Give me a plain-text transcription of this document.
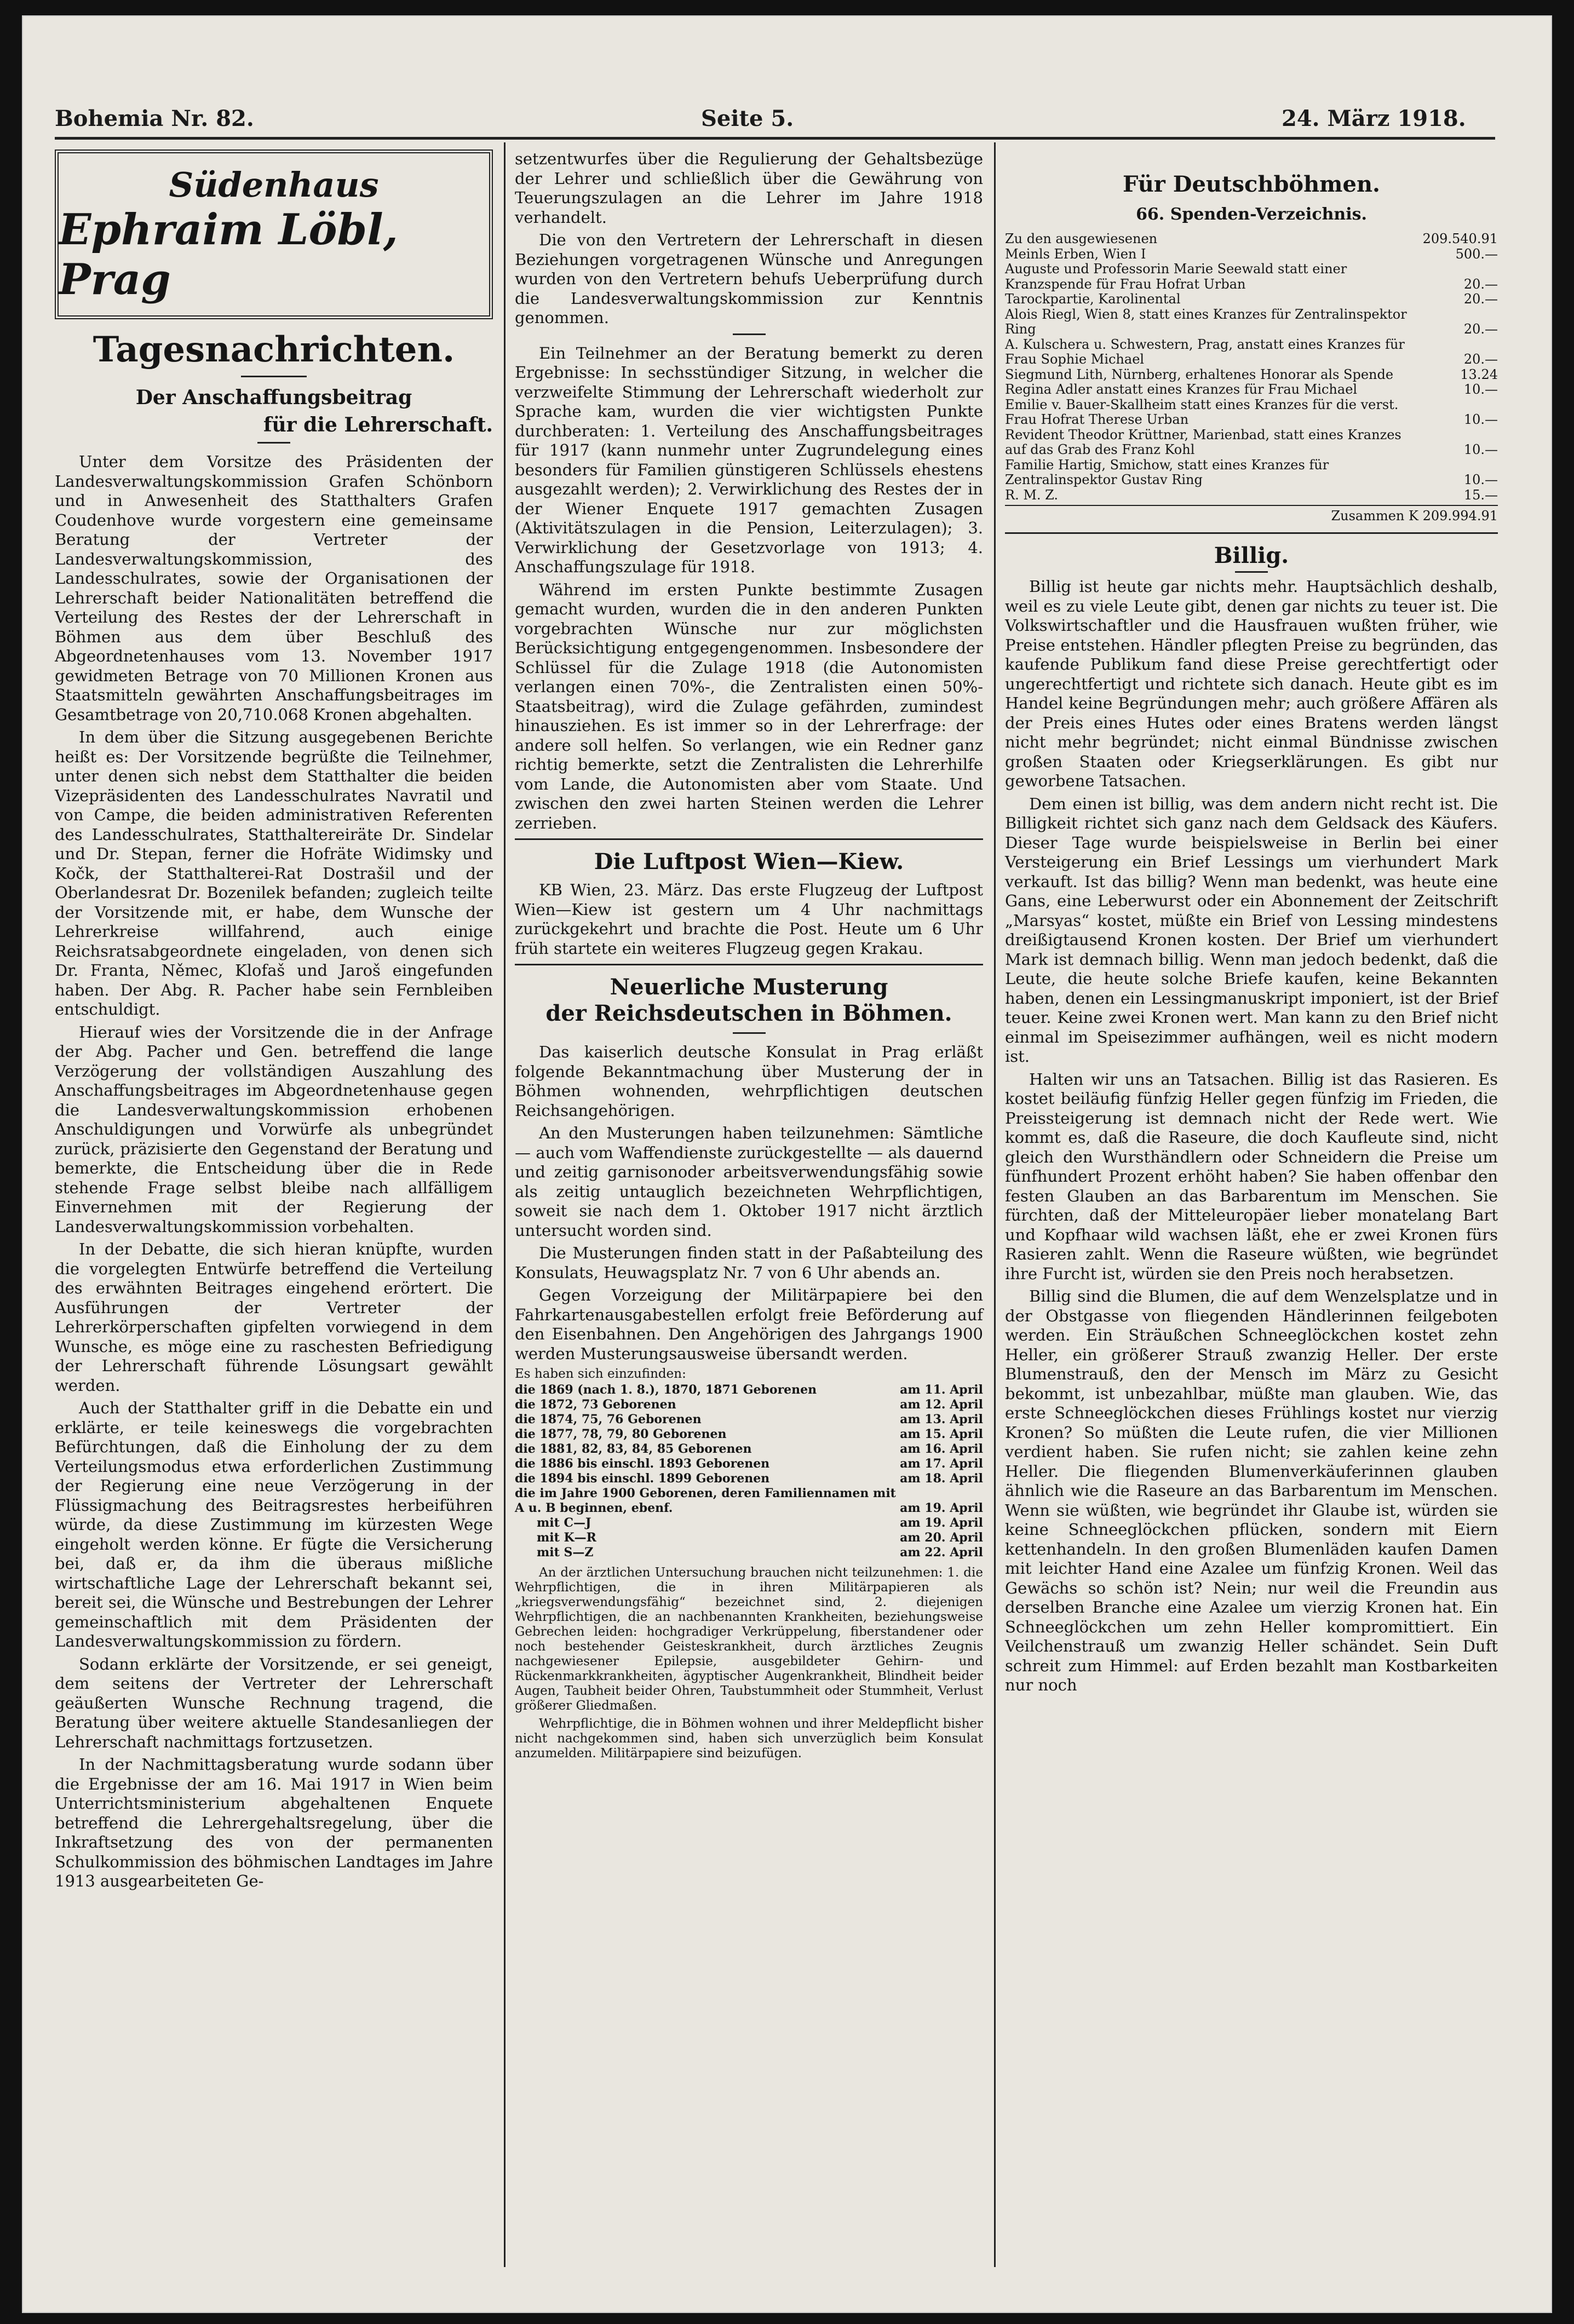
Bohemia Nr. 82.	Seite 5.	24. März 1918.
Südenhaus
Ephraim Löbl, Prag
Tagesnachrichten.
Der Anschaffungsbeitrag
für die Lehrerschaft.

Unter dem Vorsitze des Präsidenten der Landesverwaltungskommission Grafen Schönborn und in Anwesenheit des Statthalters Grafen Coudenhove wurde vorgestern eine gemeinsame Beratung der Vertreter der Landesverwaltungskommission, des Landesschulrates, sowie der Organisationen der Lehrerschaft beider Nationalitäten betreffend die Verteilung des Restes der der Lehrerschaft in Böhmen aus dem über Beschluß des Abgeordnetenhauses vom 13. November 1917 gewidmeten Betrage von 70 Millionen Kronen aus Staatsmitteln gewährten Anschaffungsbeitrages im Gesamtbetrage von 20,710.068 Kronen abgehalten.

In dem über die Sitzung ausgegebenen Berichte heißt es: Der Vorsitzende begrüßte die Teilnehmer, unter denen sich nebst dem Statthalter die beiden Vizepräsidenten des Landesschulrates Navratil und von Campe, die beiden administrativen Referenten des Landesschulrates, Statthaltereiräte Dr. Sindelar und Dr. Stepan, ferner die Hofräte Widimsky und Kočk, der Statthalterei-Rat Dostrašil und der Oberlandesrat Dr. Bozenilek befanden; zugleich teilte der Vorsitzende mit, er habe, dem Wunsche der Lehrerkreise willfahrend, auch einige Reichsratsabgeordnete eingeladen, von denen sich Dr. Franta, Němec, Klofaš und Jaroš eingefunden haben. Der Abg. R. Pacher habe sein Fernbleiben entschuldigt.

Hierauf wies der Vorsitzende die in der Anfrage der Abg. Pacher und Gen. betreffend die lange Verzögerung der vollständigen Auszahlung des Anschaffungsbeitrages im Abgeordnetenhause gegen die Landesverwaltungskommission erhobenen Anschuldigungen und Vorwürfe als unbegründet zurück, präzisierte den Gegenstand der Beratung und bemerkte, die Entscheidung über die in Rede stehende Frage selbst bleibe nach allfälligem Einvernehmen mit der Regierung der Landesverwaltungskommission vorbehalten.

In der Debatte, die sich hieran knüpfte, wurden die vorgelegten Entwürfe betreffend die Verteilung des erwähnten Beitrages eingehend erörtert. Die Ausführungen der Vertreter der Lehrerkörperschaften gipfelten vorwiegend in dem Wunsche, es möge eine zu raschesten Befriedigung der Lehrerschaft führende Lösungsart gewählt werden.

Auch der Statthalter griff in die Debatte ein und erklärte, er teile keineswegs die vorgebrachten Befürchtungen, daß die Einholung der zu dem Verteilungsmodus etwa erforderlichen Zustimmung der Regierung eine neue Verzögerung in der Flüssigmachung des Beitragsrestes herbeiführen würde, da diese Zustimmung im kürzesten Wege eingeholt werden könne. Er fügte die Versicherung bei, daß er, da ihm die überaus mißliche wirtschaftliche Lage der Lehrerschaft bekannt sei, bereit sei, die Wünsche und Bestrebungen der Lehrer gemeinschaftlich mit dem Präsidenten der Landesverwaltungskommission zu fördern.

Sodann erklärte der Vorsitzende, er sei geneigt, dem seitens der Vertreter der Lehrerschaft geäußerten Wunsche Rechnung tragend, die Beratung über weitere aktuelle Standesanliegen der Lehrerschaft nachmittags fortzusetzen.

In der Nachmittagsberatung wurde sodann über die Ergebnisse der am 16. Mai 1917 in Wien beim Unterrichtsministerium abgehaltenen Enquete betreffend die Lehrergehaltsregelung, über die Inkraftsetzung des von der permanenten Schulkommission des böhmischen Landtages im Jahre 1913 ausgearbeiteten Ge-

setzentwurfes über die Regulierung der Gehaltsbezüge der Lehrer und schließlich über die Gewährung von Teuerungszulagen an die Lehrer im Jahre 1918 verhandelt.

Die von den Vertretern der Lehrerschaft in diesen Beziehungen vorgetragenen Wünsche und Anregungen wurden von den Vertretern behufs Ueberprüfung durch die Landesverwaltungskommission zur Kenntnis genommen.

Ein Teilnehmer an der Beratung bemerkt zu deren Ergebnisse: In sechsstündiger Sitzung, in welcher die verzweifelte Stimmung der Lehrerschaft wiederholt zur Sprache kam, wurden die vier wichtigsten Punkte durchberaten: 1. Verteilung des Anschaffungsbeitrages für 1917 (kann nunmehr unter Zugrundelegung eines besonders für Familien günstigeren Schlüssels ehestens ausgezahlt werden); 2. Verwirklichung des Restes der in der Wiener Enquete 1917 gemachten Zusagen (Aktivitätszulagen in die Pension, Leiterzulagen); 3. Verwirklichung der Gesetzvorlage von 1913; 4. Anschaffungszulage für 1918.

Während im ersten Punkte bestimmte Zusagen gemacht wurden, wurden die in den anderen Punkten vorgebrachten Wünsche nur zur möglichsten Berücksichtigung entgegengenommen. Insbesondere der Schlüssel für die Zulage 1918 (die Autonomisten verlangen einen 70%-, die Zentralisten einen 50%-Staatsbeitrag), wird die Zulage gefährden, zumindest hinausziehen. Es ist immer so in der Lehrerfrage: der andere soll helfen. So verlangen, wie ein Redner ganz richtig bemerkte, setzt die Zentralisten die Lehrerhilfe vom Lande, die Autonomisten aber vom Staate. Und zwischen den zwei harten Steinen werden die Lehrer zerrieben.

Die Luftpost Wien—Kiew.

KB Wien, 23. März. Das erste Flugzeug der Luftpost Wien—Kiew ist gestern um 4 Uhr nachmittags zurückgekehrt und brachte die Post. Heute um 6 Uhr früh startete ein weiteres Flugzeug gegen Krakau.

Neuerliche Musterung
der Reichsdeutschen in Böhmen.

Das kaiserlich deutsche Konsulat in Prag erläßt folgende Bekanntmachung über Musterung der in Böhmen wohnenden, wehrpflichtigen deutschen Reichsangehörigen.

An den Musterungen haben teilzunehmen: Sämtliche — auch vom Waffendienste zurückgestellte — als dauernd und zeitig garnisonoder arbeitsverwendungsfähig sowie als zeitig untauglich bezeichneten Wehrpflichtigen, soweit sie nach dem 1. Oktober 1917 nicht ärztlich untersucht worden sind.

Die Musterungen finden statt in der Paßabteilung des Konsulats, Heuwagsplatz Nr. 7 von 6 Uhr abends an.

Gegen Vorzeigung der Militärpapiere bei den Fahrkartenausgabestellen erfolgt freie Beförderung auf den Eisenbahnen. Den Angehörigen des Jahrgangs 1900 werden Musterungsausweise übersandt werden.

Es haben sich einzufinden:
die 1869 (nach 1. 8.), 1870, 1871 Geborenen	am 11. April
die 1872, 73 Geborenen	am 12. April
die 1874, 75, 76 Geborenen	am 13. April
die 1877, 78, 79, 80 Geborenen	am 15. April
die 1881, 82, 83, 84, 85 Geborenen	am 16. April
die 1886 bis einschl. 1893 Geborenen	am 17. April
die 1894 bis einschl. 1899 Geborenen	am 18. April
die im Jahre 1900 Geborenen, deren Familiennamen mit A u. B beginnen, ebenf.	am 19. April
mit C—J	am 19. April
mit K—R	am 20. April
mit S—Z	am 22. April

An der ärztlichen Untersuchung brauchen nicht teilzunehmen: 1. die Wehrpflichtigen, die in ihren Militärpapieren als „kriegsverwendungsfähig“ bezeichnet sind, 2. diejenigen Wehrpflichtigen, die an nachbenannten Krankheiten, beziehungsweise Gebrechen leiden: hochgradiger Verkrüppelung, fiberstandener oder noch bestehender Geisteskrankheit, durch ärztliches Zeugnis nachgewiesener Epilepsie, ausgebildeter Gehirn- und Rückenmarkkrankheiten, ägyptischer Augenkrankheit, Blindheit beider Augen, Taubheit beider Ohren, Taubstummheit oder Stummheit, Verlust größerer Gliedmaßen.

Wehrpflichtige, die in Böhmen wohnen und ihrer Meldepflicht bisher nicht nachgekommen sind, haben sich unverzüglich beim Konsulat anzumelden. Militärpapiere sind beizufügen.

Für Deutschböhmen.
66. Spenden-Verzeichnis.
Zu den ausgewiesenen	209.540.91
Meinls Erben, Wien I	500.—
Auguste und Professorin Marie Seewald statt einer Kranzspende für Frau Hofrat Urban	20.—
Tarockpartie, Karolinental	20.—
Alois Riegl, Wien 8, statt eines Kranzes für Zentralinspektor Ring	20.—
A. Kulschera u. Schwestern, Prag, anstatt eines Kranzes für Frau Sophie Michael	20.—
Siegmund Lith, Nürnberg, erhaltenes Honorar als Spende	13.24
Regina Adler anstatt eines Kranzes für Frau Michael	10.—
Emilie v. Bauer-Skallheim statt eines Kranzes für die verst. Frau Hofrat Therese Urban	10.—
Revident Theodor Krüttner, Marienbad, statt eines Kranzes auf das Grab des Franz Kohl	10.—
Familie Hartig, Smichow, statt eines Kranzes für Zentralinspektor Gustav Ring	10.—
R. M. Z.	15.—
Zusammen K 209.994.91
Billig.

Billig ist heute gar nichts mehr. Hauptsächlich deshalb, weil es zu viele Leute gibt, denen gar nichts zu teuer ist. Die Volkswirtschaftler und die Hausfrauen wußten früher, wie Preise entstehen. Händler pflegten Preise zu begründen, das kaufende Publikum fand diese Preise gerechtfertigt oder ungerechtfertigt und richtete sich danach. Heute gibt es im Handel keine Begründungen mehr; auch größere Affären als der Preis eines Hutes oder eines Bratens werden längst nicht mehr begründet; nicht einmal Bündnisse zwischen großen Staaten oder Kriegserklärungen. Es gibt nur geworbene Tatsachen.

Dem einen ist billig, was dem andern nicht recht ist. Die Billigkeit richtet sich ganz nach dem Geldsack des Käufers. Dieser Tage wurde beispielsweise in Berlin bei einer Versteigerung ein Brief Lessings um vierhundert Mark verkauft. Ist das billig? Wenn man bedenkt, was heute eine Gans, eine Leberwurst oder ein Abonnement der Zeitschrift „Marsyas“ kostet, müßte ein Brief von Lessing mindestens dreißigtausend Kronen kosten. Der Brief um vierhundert Mark ist demnach billig. Wenn man jedoch bedenkt, daß die Leute, die heute solche Briefe kaufen, keine Bekannten haben, denen ein Lessingmanuskript imponiert, ist der Brief teuer. Keine zwei Kronen wert. Man kann zu den Brief nicht einmal im Speisezimmer aufhängen, weil es nicht modern ist.

Halten wir uns an Tatsachen. Billig ist das Rasieren. Es kostet beiläufig fünfzig Heller gegen fünfzig im Frieden, die Preissteigerung ist demnach nicht der Rede wert. Wie kommt es, daß die Raseure, die doch Kaufleute sind, nicht gleich den Wursthändlern oder Schneidern die Preise um fünfhundert Prozent erhöht haben? Sie haben offenbar den festen Glauben an das Barbarentum im Menschen. Sie fürchten, daß der Mitteleuropäer lieber monatelang Bart und Kopfhaar wild wachsen läßt, ehe er zwei Kronen fürs Rasieren zahlt. Wenn die Raseure wüßten, wie begründet ihre Furcht ist, würden sie den Preis noch herabsetzen.

Billig sind die Blumen, die auf dem Wenzelsplatze und in der Obstgasse von fliegenden Händlerinnen feilgeboten werden. Ein Sträußchen Schneeglöckchen kostet zehn Heller, ein größerer Strauß zwanzig Heller. Der erste Blumenstrauß, den der Mensch im März zu Gesicht bekommt, ist unbezahlbar, müßte man glauben. Wie, das erste Schneeglöckchen dieses Frühlings kostet nur vierzig Kronen? So müßten die Leute rufen, die vier Millionen verdient haben. Sie rufen nicht; sie zahlen keine zehn Heller. Die fliegenden Blumenverkäuferinnen glauben ähnlich wie die Raseure an das Barbarentum im Menschen. Wenn sie wüßten, wie begründet ihr Glaube ist, würden sie keine Schneeglöckchen pflücken, sondern mit Eiern kettenhandeln. In den großen Blumenläden kaufen Damen mit leichter Hand eine Azalee um fünfzig Kronen. Weil das Gewächs so schön ist? Nein; nur weil die Freundin aus derselben Branche eine Azalee um vierzig Kronen hat. Ein Schneeglöckchen um zehn Heller kompromittiert. Ein Veilchenstrauß um zwanzig Heller schändet. Sein Duft schreit zum Himmel: auf Erden bezahlt man Kostbarkeiten nur noch
